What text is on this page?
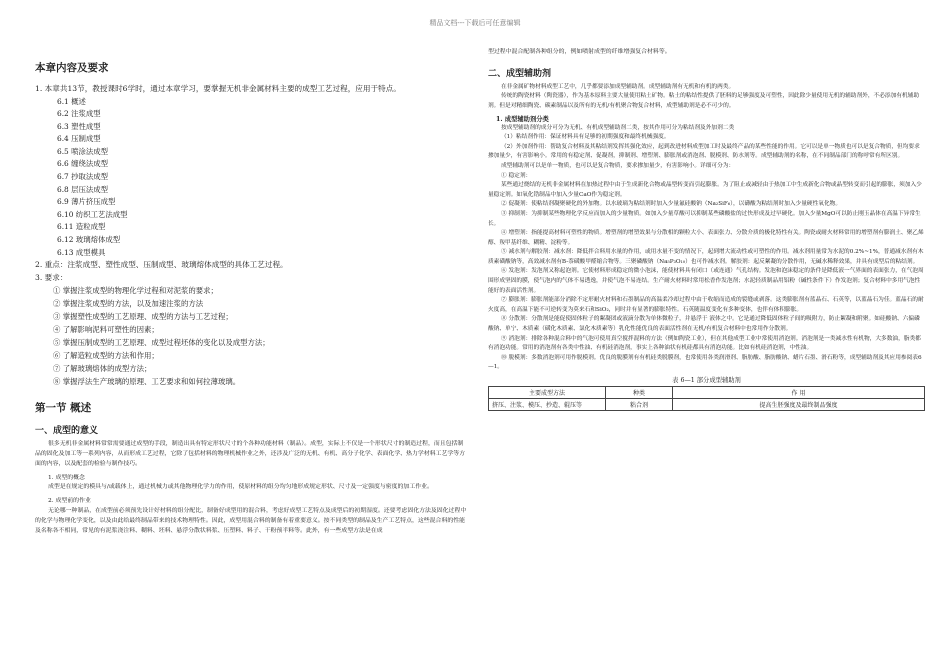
精品文档---下载后可任意编辑
本章内容及要求

1. 本章共13节，教授课时6学时，通过本章学习，要掌握无机非金属材料主要的成型工艺过程，应用于特点。

6.1 概述
6.2 注浆成型
6.3 塑性成型
6.4 压制成型
6.5 喷涂法成型
6.6 缠绕法成型
6.7 抄取法成型
6.8 层压法成型
6.9 薄片挤压成型
6.10 纺织工艺法成型
6.11 造粒成型
6.12 玻璃熔体成型
6.13 成型模具

2. 重点：注浆成型、塑性成型、压制成型、玻璃熔体成型的具体工艺过程。

3. 要求：

① 掌握注浆成型的物理化学过程和对泥浆的要求；
② 掌握注浆成型的方法，以及加速注浆的方法
③ 掌握塑性成型的工艺原理、成型的方法与工艺过程；
④ 了解影响泥料可塑性的因素；
⑤ 掌握压制成型的工艺原理、成型过程坯体的变化以及成型方法；
⑥ 了解造粒成型的方法和作用；
⑦ 了解玻璃熔体的成型方法；
⑧ 掌握浮法生产玻璃的原理、工艺要求和如何拉薄玻璃。
第一节 概述
一、成型的意义

很多无机非金属材料常常需要通过成型的手段，制造出具有特定形状尺寸的个各种功能材料（制品）。成型，实际上不仅是一个形状尺寸的制造过程，而且包括制品的固化及加工等一系列内容，从而形成工艺过程，它除了包括材料的物理机械作业之外，还涉及广泛的无机、有机、高分子化学、表面化学、热力学材料工艺学等方面的内容，以及配套的检验与制作技巧。

1. 成型的概念

成型是在规定的模具与/或载体上，通过机械力或其他物理化学力的作用，使原材料的组分均匀地形成规定形状、尺寸及一定强度与密度的加工作业。

2. 成型前的作业

无论哪一种制品，在成型前必须预先设计好材料的组分配比，制备好成型用的混合料，考虑好成型工艺特点及成型后的初期湿度。还要考虑固化方法及固化过程中的化学与物理化学变化，以及由此给最终制品带来的技术物理特性。因此，成型用混合料的制备有着重要意义。按不同类型的制品及生产工艺特点，这些混合料的性能及名称各不相同，常见的有泥浆浇注料、糊料、坯料、悬浮分散状料浆、压塑料、料子、干粉预半料等。此外，有一些成型方法是在成

型过程中混合配制各种组分的，例如喷射成型的纤维增强复合材料等。

二、成型辅助剂

在非金属矿物材料成型工艺中，几乎都要添加成型辅助剂。成型辅助剂有无机和有机的两类。

传统的陶瓷材料（陶瓷器），作为基本原料主要大量使用粘土矿物。粘土的粘结性提供了胚料的足够强度及可塑性，因此除少量使用无机的辅助剂外，不必添加有机辅助剂。但是对精细陶瓷、碳素制品以及所有的无机/有机聚合物复合材料，成型辅助剂是必不可少的。

1. 成型辅助剂分类

按成型辅助剂的成分可分为无机、有机成型辅助剂二类，按其作用可分为粘结剂及外加剂二类

（1）粘结剂作用：保证材料具有足够的初期强度和最终机械强度。

（2）外加剂作用：帮助复合材料及其粘结剂发挥其强化效应，起到改进材料成型加工时及最终产品的某些性能的作用。它可以是单一物质也可以是复合物质，但均要求掺加量少，有害影响小。常用的有稳定剂、促凝剂，抑制剂、增塑剂、膨胀剂或消泡剂、脱模剂、防水剂等。成型辅助剂的名称，在不同制品部门的称呼常有所区别。

成型辅助剂可以是单一物质，也可以是复合物质，要求掺加量少，有害影响小。详细可分为：

① 稳定剂：

某些通过烧结的无机非金属材料在加热过程中由于生成新化合物或晶型转变而引起膨胀。为了阻止或减轻由于热加工中生成新化合物或晶型转变而引起的膨胀，须加入少量稳定剂。如氧化锆制品中加入少量CaO作为稳定剂。

② 促凝剂：使粘结剂凝聚硬化的外加物。以水玻璃为粘结剂时加入少量氟硅酸钠（Na₂SiF₆），以礴酸为粘结剂时加入少量硬性氧化物。

③ 抑制剂：为抑制某些物理化学反应而加入的少量物质。如加入少量草酸可以抑制某些磷酸盐的过快形成及过早硬化。加入少量MgO可以防止刚玉晶体在高温下异常生长。

④ 增塑剂：指能提高材料可塑性的物质。增塑剂的增塑效果与分散相的颗粒大小、表面张力、分散介质的极化特性有关。陶瓷或耐火材料常用的增塑剂有膨润土、聚乙烯醇、羧甲基纤维、糊精、淀粉等。

⑤ 减水剂与解胶剂：减水剂：降低拌合料用水量的作用，或用水量不变的情况下，起到增大流动性或可塑性的作用。减水剂用量常为水泥的0.2%~1%，普通减水剂有木质素磺酸钠等，高效减水剂有B-萘磺酸甲醛缩合物等。三聚磷酸钠（Na₅P₃O₁₀）也可作减水剂。解胶剂：起反絮凝的分散作用，无碱水稀释效果，并具有成型后的粘结剂。

⑥ 发泡剂：发泡剂又称起泡剂。它使材料形成稳定的微小泡沫，能使材料具有闭口（或连通）气孔结构。发泡和泡沫稳定的条件是降低液一气界面的表面张力，在气泡周围形成坚固的膜，使气泡内的气体不易透逸，并使气泡不易连结。生产耐火材料时常用松香作发泡剂；水泥轻质制品用铝粉（碱性条件下）作发泡剂；复合材料中多用气泡性能好的表面活性剂。

⑦ 膨胀剂：膨胀剂能部分消除不定形耐火材料和石墨制品的高温柔冷却过程中由于收缩而造成的裂缝或剥落。这类膨胀剂有蓝晶石、石英等，以蓝晶石为佳。蓝晶石的耐火度高，在高温下能不可逆转变为莫来石和SiO₂，同时并有显著的膨胀特性。石英随温度变化有多种变体，也伴有体积膨胀。

⑧ 分散剂：分散剂是能促使固体粒子的絮凝团或液滴分散为单体微粒子，并悬浮于 液体之中。它是通过降低固体粒子间的吸附力，防止絮凝和附聚。如硅酸钠、六偏磷酸钠、单宁、木质素（磺化木质素、氯化木质素等）乳化性能优良的表面活性剂在无机/有机复合材料中也常用作分散剂。

⑨ 消泡剂：排除各种混合料中的气泡可使用真空搅拌混料的方法（例如陶瓷工业），但在其他成型工业中常使用消泡剂。消泡剂是一类减水性有机物，大多数油，脂类都有消泡功能。常用的消泡剂有各类中性油、有机硅消泡剂，事实上各种油状有机硅都具有消泡功能。比如有机硅消泡剂，中性油。

⑩ 脱模剂：多数消泡剂可用作脱模剂。优良的脱膜剂有有机硅类脱膜剂，也常使用各类润滑剂、脂肪酸、脂肪酸钠、蜡片石墨、滑石粉等，成型辅助剂及其应用参阅表6—1。

表 6—1 部分成型辅助剂
主要成型方法	种类	作 用
挤压、注浆、模压、抄造、辊压等	粘合剂	提高生胚强度及最终制品强度
